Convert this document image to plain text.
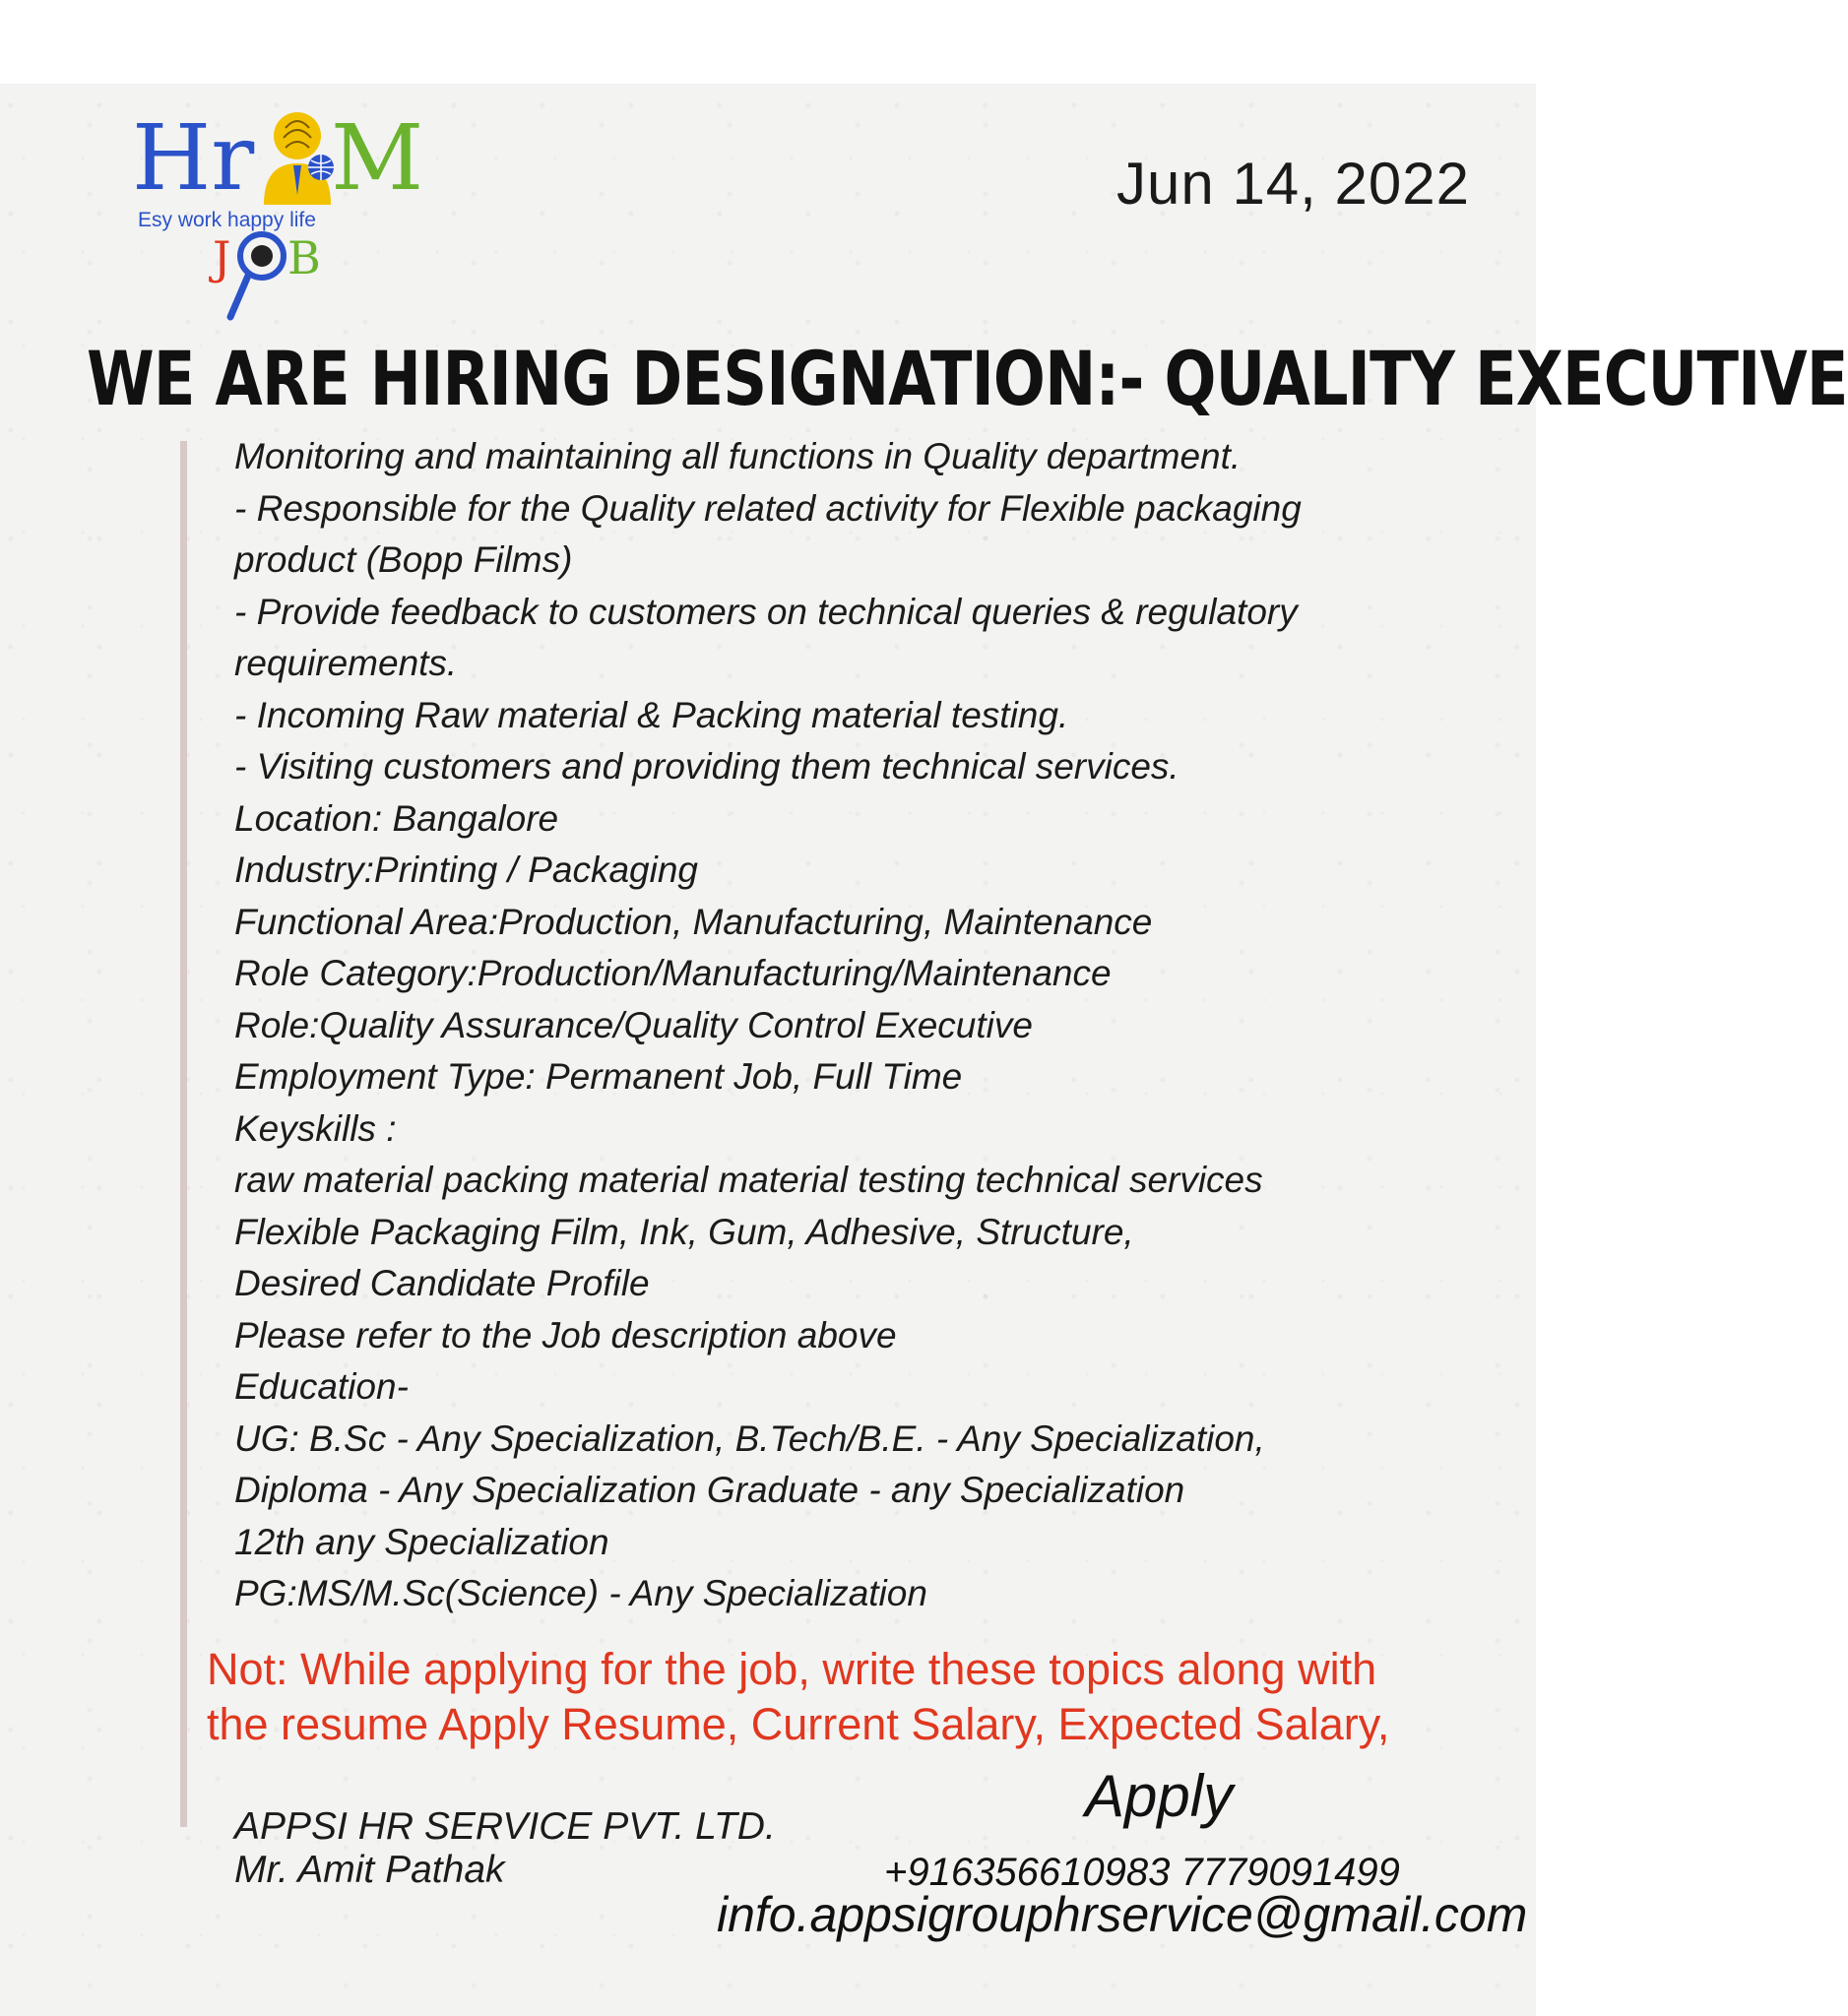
Hr M
Esy work happy life
J B
Jun 14, 2022
WE ARE HIRING DESIGNATION:- QUALITY EXECUTIVE
Monitoring and maintaining all functions in Quality department.
- Responsible for the Quality related activity for Flexible packaging
product (Bopp Films)
- Provide feedback to customers on technical queries & regulatory
requirements.
- Incoming Raw material & Packing material testing.
- Visiting customers and providing them technical services.
Location: Bangalore
Industry:Printing / Packaging
Functional Area:Production, Manufacturing, Maintenance
Role Category:Production/Manufacturing/Maintenance
Role:Quality Assurance/Quality Control Executive
Employment Type: Permanent Job, Full Time
Keyskills :
raw material packing material material testing technical services
Flexible Packaging Film, Ink, Gum, Adhesive, Structure,
Desired Candidate Profile
Please refer to the Job description above
Education-
UG: B.Sc - Any Specialization, B.Tech/B.E. - Any Specialization,
Diploma - Any Specialization Graduate - any Specialization
12th any Specialization
PG:MS/M.Sc(Science) - Any Specialization
Not: While applying for the job, write these topics along with
the resume Apply Resume, Current Salary, Expected Salary,
APPSI HR SERVICE PVT. LTD.
Mr. Amit Pathak
Apply
+916356610983 7779091499
info.appsigrouphrservice@gmail.com
